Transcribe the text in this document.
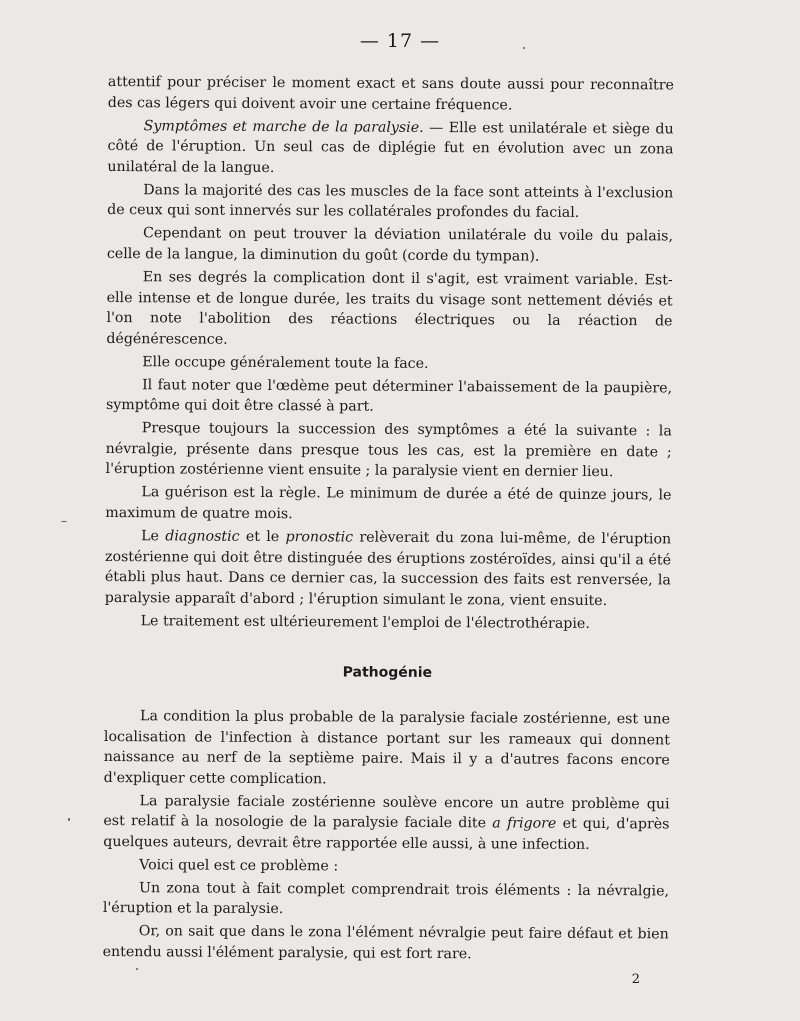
— 17 —

attentif pour préciser le moment exact et sans doute aussi pour reconnaître des cas légers qui doivent avoir une certaine fréquence.

Symptômes et marche de la paralysie. — Elle est unilatérale et siège du côté de l'éruption. Un seul cas de diplégie fut en évolution avec un zona unilatéral de la langue.

Dans la majorité des cas les muscles de la face sont atteints à l'exclusion de ceux qui sont innervés sur les collatérales profondes du facial.

Cependant on peut trouver la déviation unilatérale du voile du palais, celle de la langue, la diminution du goût (corde du tympan).

En ses degrés la complication dont il s'agit, est vraiment variable. Est-elle intense et de longue durée, les traits du visage sont nettement déviés et l'on note l'abolition des réactions électriques ou la réaction de dégénérescence.

Elle occupe généralement toute la face.

Il faut noter que l'œdème peut déterminer l'abaissement de la paupière, symptôme qui doit être classé à part.

Presque toujours la succession des symptômes a été la suivante : la névralgie, présente dans presque tous les cas, est la première en date ; l'éruption zostérienne vient ensuite ; la paralysie vient en dernier lieu.

La guérison est la règle. Le minimum de durée a été de quinze jours, le maximum de quatre mois.

Le diagnostic et le pronostic relèverait du zona lui-même, de l'éruption zostérienne qui doit être distinguée des éruptions zostéroïdes, ainsi qu'il a été établi plus haut. Dans ce dernier cas, la succession des faits est renversée, la paralysie apparaît d'abord ; l'éruption simulant le zona, vient ensuite.

Le traitement est ultérieurement l'emploi de l'électrothérapie.

Pathogénie

La condition la plus probable de la paralysie faciale zostérienne, est une localisation de l'infection à distance portant sur les rameaux qui donnent naissance au nerf de la septième paire. Mais il y a d'autres facons encore d'expliquer cette complication.

La paralysie faciale zostérienne soulève encore un autre problème qui est relatif à la nosologie de la paralysie faciale dite a frigore et qui, d'après quelques auteurs, devrait être rapportée elle aussi, à une infection.

Voici quel est ce problème :

Un zona tout à fait complet comprendrait trois éléments : la névralgie, l'éruption et la paralysie.

Or, on sait que dans le zona l'élément névralgie peut faire défaut et bien entendu aussi l'élément paralysie, qui est fort rare.

2
